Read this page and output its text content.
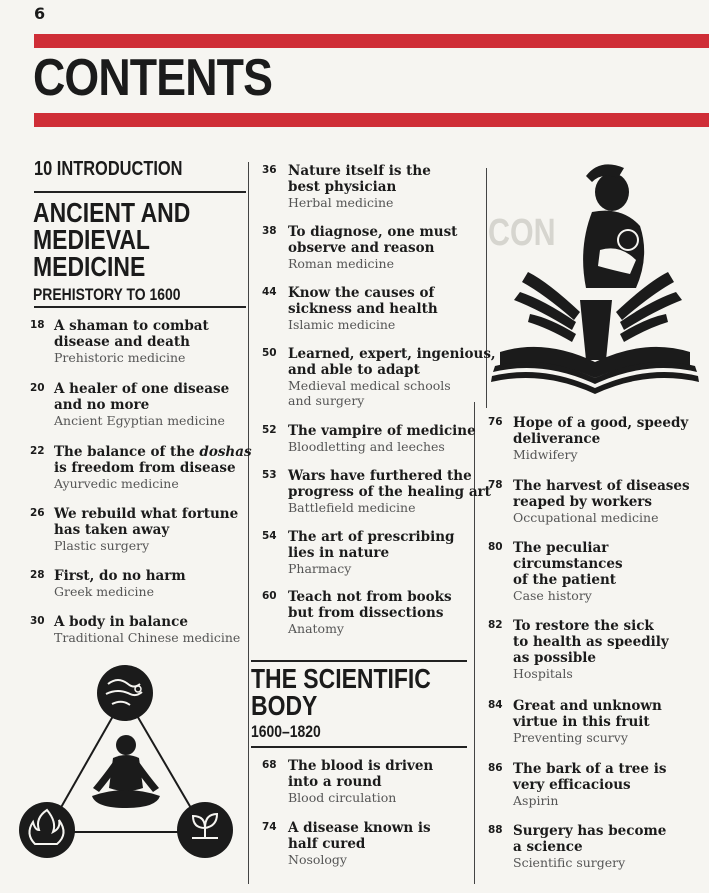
6
CONTENTS
CON
10 INTRODUCTION
ANCIENT AND
MEDIEVAL
MEDICINE
PREHISTORY TO 1600
THE SCIENTIFIC
BODY
1600–1820
18 A shaman to combat
disease and death
Prehistoric medicine
20 A healer of one disease
and no more
Ancient Egyptian medicine
22 The balance of the doshas
is freedom from disease
Ayurvedic medicine
26 We rebuild what fortune
has taken away
Plastic surgery
28 First, do no harm
Greek medicine
30 A body in balance
Traditional Chinese medicine
36 Nature itself is the
best physician
Herbal medicine
38 To diagnose, one must
observe and reason
Roman medicine
44 Know the causes of
sickness and health
Islamic medicine
50 Learned, expert, ingenious,
and able to adapt
Medieval medical schools
and surgery
52 The vampire of medicine
Bloodletting and leeches
53 Wars have furthered the
progress of the healing art
Battlefield medicine
54 The art of prescribing
lies in nature
Pharmacy
60 Teach not from books
but from dissections
Anatomy
68 The blood is driven
into a round
Blood circulation
74 A disease known is
half cured
Nosology
76 Hope of a good, speedy
deliverance
Midwifery
78 The harvest of diseases
reaped by workers
Occupational medicine
80 The peculiar
circumstances
of the patient
Case history
82 To restore the sick
to health as speedily
as possible
Hospitals
84 Great and unknown
virtue in this fruit
Preventing scurvy
86 The bark of a tree is
very efficacious
Aspirin
88 Surgery has become
a science
Scientific surgery
